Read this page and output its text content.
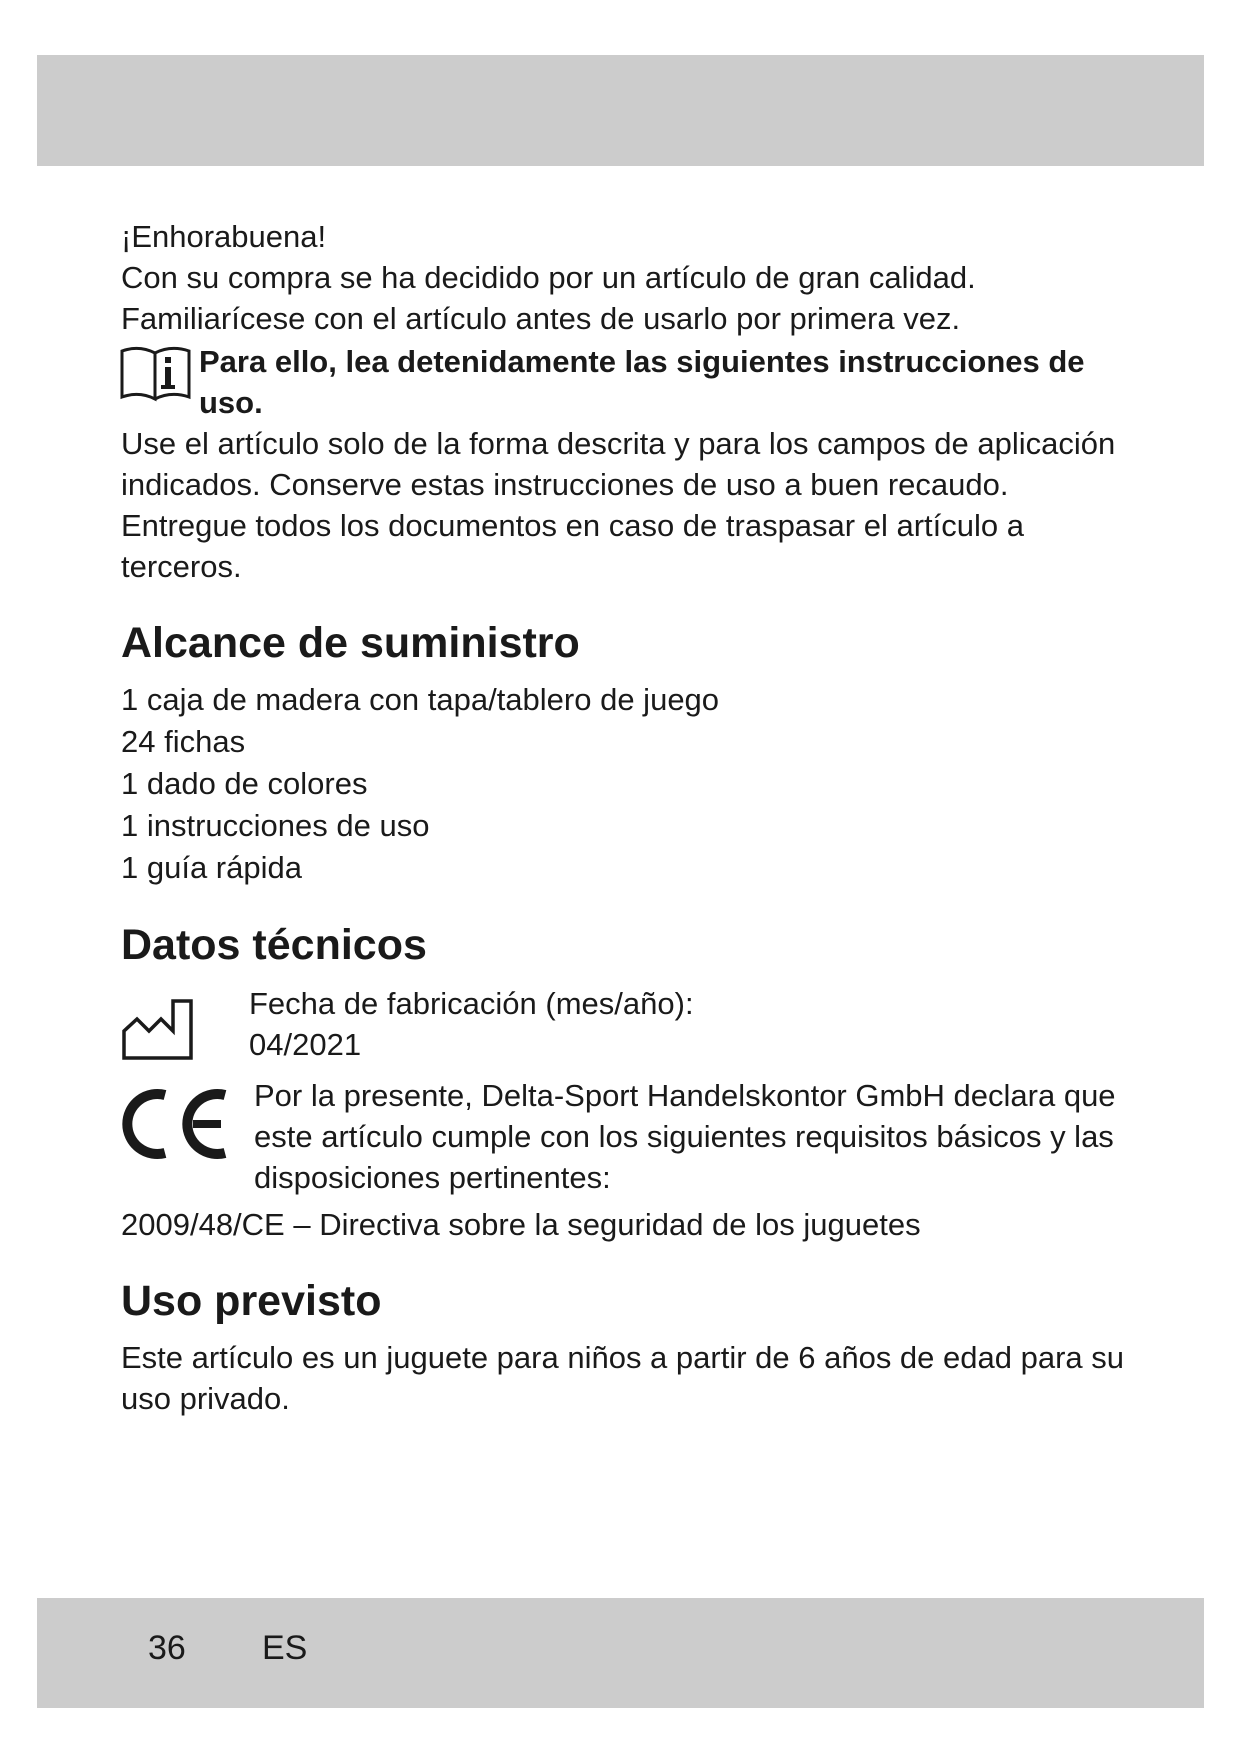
¡Enhorabuena!

Con su compra se ha decidido por un artículo de gran calidad. Familiarícese con el artículo antes de usarlo por primera vez.

Para ello, lea detenidamente las siguientes instrucciones de uso.

Use el artículo solo de la forma descrita y para los campos de aplicación indicados. Conserve estas instrucciones de uso a buen recaudo. Entregue todos los documentos en caso de traspasar el artículo a terceros.

Alcance de suministro
1 caja de madera con tapa/tablero de juego
24 fichas
1 dado de colores
1 instrucciones de uso
1 guía rápida
Datos técnicos

Fecha de fabricación (mes/año):

04/2021

Por la presente, Delta-Sport Handelskontor GmbH declara que este artículo cumple con los siguientes requisitos básicos y las disposiciones pertinentes:

2009/48/CE – Directiva sobre la seguridad de los juguetes

Uso previsto

Este artículo es un juguete para niños a partir de 6 años de edad para su uso privado.

36 ES
